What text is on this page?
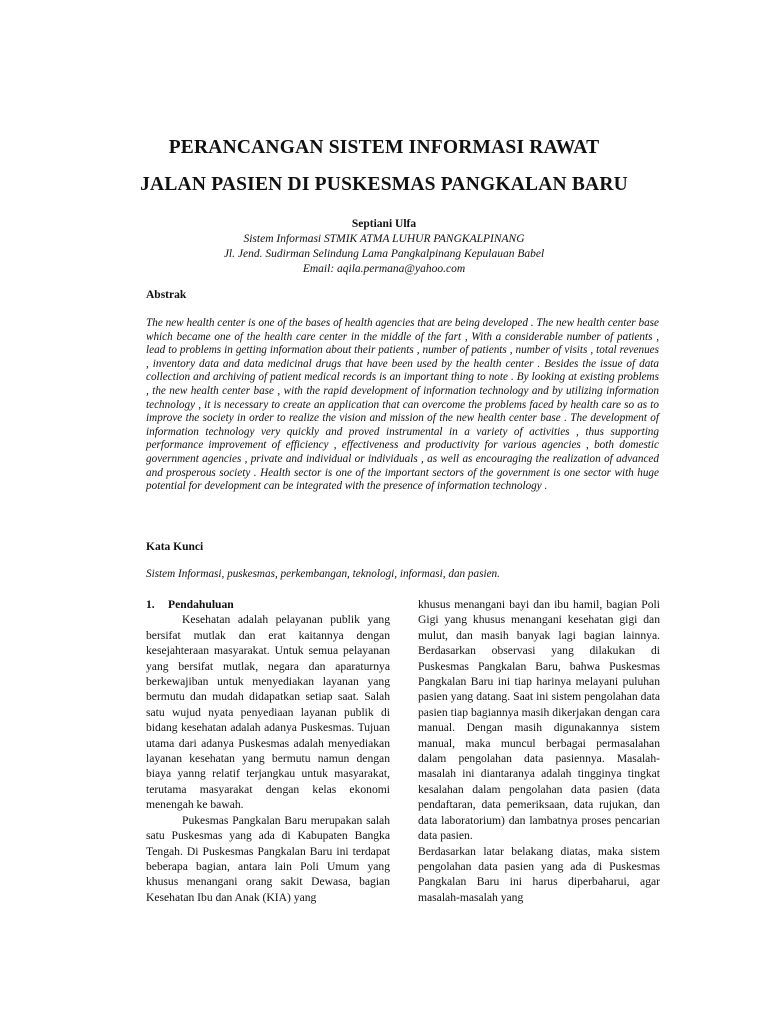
PERANCANGAN SISTEM INFORMASI RAWAT
JALAN PASIEN DI PUSKESMAS PANGKALAN BARU
Septiani Ulfa
Sistem Informasi STMIK ATMA LUHUR PANGKALPINANG
Jl. Jend. Sudirman Selindung Lama Pangkalpinang Kepulauan Babel
Email: aqila.permana@yahoo.com
Abstrak

The new health center is one of the bases of health agencies that are being developed . The new health center base which became one of the health care center in the middle of the fart , With a considerable number of patients , lead to problems in getting information about their patients , number of patients , number of visits , total revenues , inventory data and data medicinal drugs that have been used by the health center . Besides the issue of data collection and archiving of patient medical records is an important thing to note . By looking at existing problems , the new health center base , with the rapid development of information technology and by utilizing information technology , it is necessary to create an application that can overcome the problems faced by health care so as to improve the society in order to realize the vision and mission of the new health center base . The development of information technology very quickly and proved instrumental in a variety of activities , thus supporting performance improvement of efficiency , effectiveness and productivity for various agencies , both domestic government agencies , private and individual or individuals , as well as encouraging the realization of advanced and prosperous society . Health sector is one of the important sectors of the government is one sector with huge potential for development can be integrated with the presence of information technology .

Kata Kunci

Sistem Informasi, puskesmas, perkembangan, teknologi, informasi, dan pasien.

1. Pendahuluan

Kesehatan adalah pelayanan publik yang bersifat mutlak dan erat kaitannya dengan kesejahteraan masyarakat. Untuk semua pelayanan yang bersifat mutlak, negara dan aparaturnya berkewajiban untuk menyediakan layanan yang bermutu dan mudah didapatkan setiap saat. Salah satu wujud nyata penyediaan layanan publik di bidang kesehatan adalah adanya Puskesmas. Tujuan utama dari adanya Puskesmas adalah menyediakan layanan kesehatan yang bermutu namun dengan biaya yanng relatif terjangkau untuk masyarakat, terutama masyarakat dengan kelas ekonomi menengah ke bawah.

Pukesmas Pangkalan Baru merupakan salah satu Puskesmas yang ada di Kabupaten Bangka Tengah. Di Puskesmas Pangkalan Baru ini terdapat beberapa bagian, antara lain Poli Umum yang khusus menangani orang sakit Dewasa, bagian Kesehatan Ibu dan Anak (KIA) yang

khusus menangani bayi dan ibu hamil, bagian Poli Gigi yang khusus menangani kesehatan gigi dan mulut, dan masih banyak lagi bagian lainnya. Berdasarkan observasi yang dilakukan di Puskesmas Pangkalan Baru, bahwa Puskesmas Pangkalan Baru ini tiap harinya melayani puluhan pasien yang datang. Saat ini sistem pengolahan data pasien tiap bagiannya masih dikerjakan dengan cara manual. Dengan masih digunakannya sistem manual, maka muncul berbagai permasalahan dalam pengolahan data pasiennya. Masalah-masalah ini diantaranya adalah tingginya tingkat kesalahan dalam pengolahan data pasien (data pendaftaran, data pemeriksaan, data rujukan, dan data laboratorium) dan lambatnya proses pencarian data pasien.

Berdasarkan latar belakang diatas, maka sistem pengolahan data pasien yang ada di Puskesmas Pangkalan Baru ini harus diperbaharui, agar masalah-masalah yang
